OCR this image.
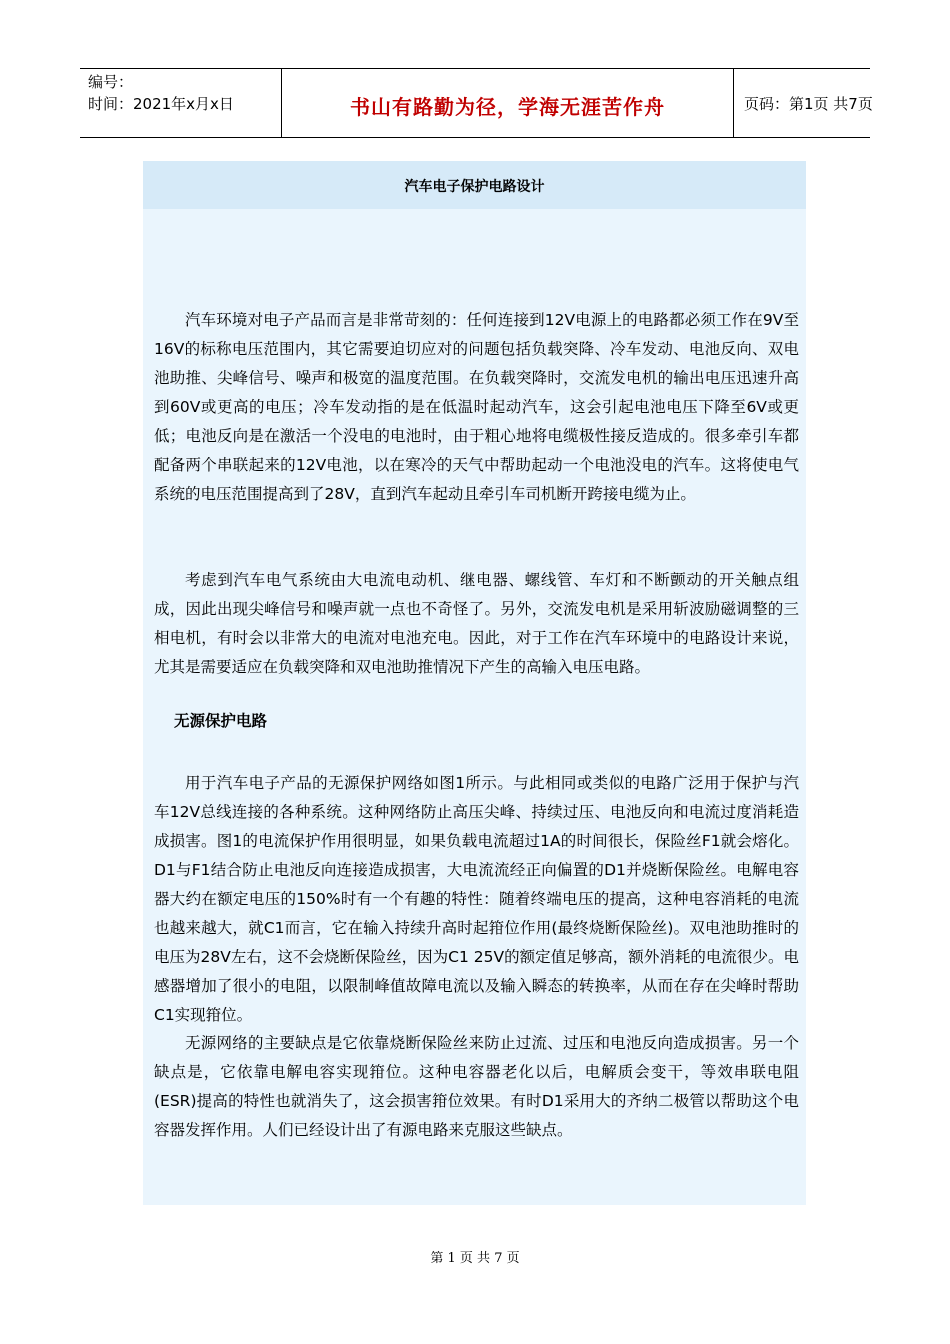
编号：
时间：2021年x月x日	书山有路勤为径，学海无涯苦作舟	页码：第1页 共7页
汽车电子保护电路设计

汽车环境对电子产品而言是非常苛刻的：任何连接到12V电源上的电路都必须工作在9V至16V的标称电压范围内，其它需要迫切应对的问题包括负载突降、冷车发动、电池反向、双电池助推、尖峰信号、噪声和极宽的温度范围。在负载突降时，交流发电机的输出电压迅速升高到60V或更高的电压；冷车发动指的是在低温时起动汽车，这会引起电池电压下降至6V或更低；电池反向是在激活一个没电的电池时，由于粗心地将电缆极性接反造成的。很多牵引车都配备两个串联起来的12V电池，以在寒冷的天气中帮助起动一个电池没电的汽车。这将使电气系统的电压范围提高到了28V，直到汽车起动且牵引车司机断开跨接电缆为止。

考虑到汽车电气系统由大电流电动机、继电器、螺线管、车灯和不断颤动的开关触点组成，因此出现尖峰信号和噪声就一点也不奇怪了。另外，交流发电机是采用斩波励磁调整的三相电机，有时会以非常大的电流对电池充电。因此，对于工作在汽车环境中的电路设计来说，尤其是需要适应在负载突降和双电池助推情况下产生的高输入电压电路。

无源保护电路

用于汽车电子产品的无源保护网络如图1所示。与此相同或类似的电路广泛用于保护与汽车12V总线连接的各种系统。这种网络防止高压尖峰、持续过压、电池反向和电流过度消耗造成损害。图1的电流保护作用很明显，如果负载电流超过1A的时间很长，保险丝F1就会熔化。D1与F1结合防止电池反向连接造成损害，大电流流经正向偏置的D1并烧断保险丝。电解电容器大约在额定电压的150%时有一个有趣的特性：随着终端电压的提高，这种电容消耗的电流也越来越大，就C1而言，它在输入持续升高时起箝位作用(最终烧断保险丝)。双电池助推时的电压为28V左右，这不会烧断保险丝，因为C1 25V的额定值足够高，额外消耗的电流很少。电感器增加了很小的电阻，以限制峰值故障电流以及输入瞬态的转换率，从而在存在尖峰时帮助C1实现箝位。

无源网络的主要缺点是它依靠烧断保险丝来防止过流、过压和电池反向造成损害。另一个缺点是，它依靠电解电容实现箝位。这种电容器老化以后，电解质会变干，等效串联电阻(ESR)提高的特性也就消失了，这会损害箝位效果。有时D1采用大的齐纳二极管以帮助这个电容器发挥作用。人们已经设计出了有源电路来克服这些缺点。

第 1 页 共 7 页
